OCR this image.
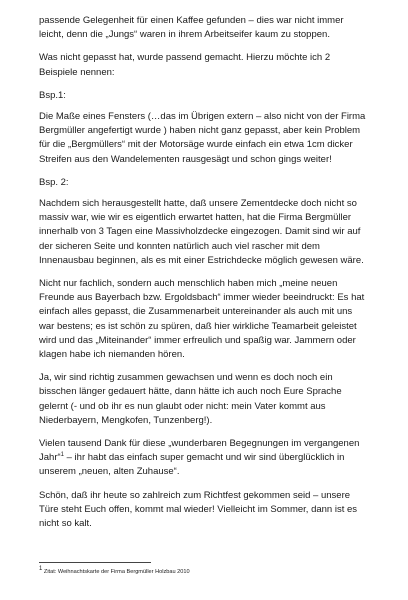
passende Gelegenheit für einen Kaffee gefunden – dies war nicht immer leicht, denn die „Jungs“ waren in ihrem Arbeitseifer kaum zu stoppen.

Was nicht gepasst hat, wurde passend gemacht. Hierzu möchte ich 2 Beispiele nennen:

Bsp.1:

Die Maße eines Fensters (…das im Übrigen extern – also nicht von der Firma Bergmüller angefertigt wurde ) haben nicht ganz gepasst, aber kein Problem für die „Bergmüllers“ mit der Motorsäge wurde einfach ein etwa 1cm dicker Streifen aus den Wandelementen rausgesägt und schon gings weiter!

Bsp. 2:

Nachdem sich herausgestellt hatte, daß unsere Zementdecke doch nicht so massiv war, wie wir es eigentlich erwartet hatten, hat die Firma Bergmüller innerhalb von 3 Tagen eine Massivholzdecke eingezogen. Damit sind wir auf der sicheren Seite und konnten natürlich auch viel rascher mit dem Innenausbau beginnen, als es mit einer Estrichdecke möglich gewesen wäre.

Nicht nur fachlich, sondern auch menschlich haben mich „meine neuen Freunde aus Bayerbach bzw. Ergoldsbach“ immer wieder beeindruckt: Es hat einfach alles gepasst, die Zusammenarbeit untereinander als auch mit uns war bestens; es ist schön zu spüren, daß hier wirkliche Teamarbeit geleistet wird und das „Miteinander“ immer erfreulich und spaßig war. Jammern oder klagen habe ich niemanden hören.

Ja, wir sind richtig zusammen gewachsen und wenn es doch noch ein bisschen länger gedauert hätte, dann hätte ich auch noch Eure Sprache gelernt (- und ob ihr es nun glaubt oder nicht: mein Vater kommt aus Niederbayern, Mengkofen, Tunzenberg!).

Vielen tausend Dank für diese „wunderbaren Begegnungen im vergangenen Jahr“$^1$ – ihr habt das einfach super gemacht und wir sind überglücklich in unserem „neuen, alten Zuhause“.

Schön, daß ihr heute so zahlreich zum Richtfest gekommen seid – unsere Türe steht Euch offen, kommt mal wieder! Vielleicht im Sommer, dann ist es nicht so kalt.

$^1$ Zitat: Weihnachtskarte der Firma Bergmüller Holzbau 2010
